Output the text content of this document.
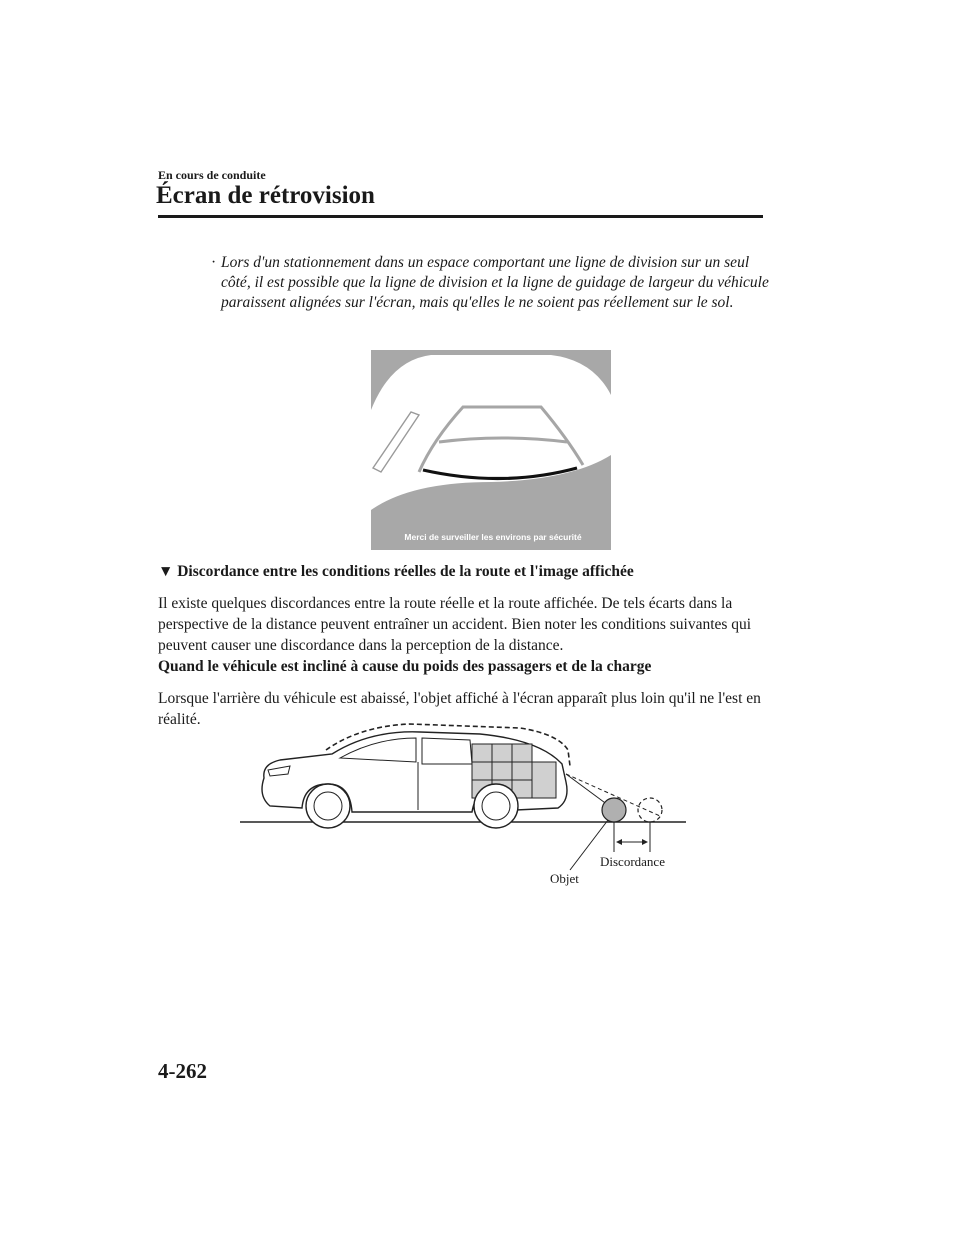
En cours de conduite

Écran de rétrovision
· Lors d'un stationnement dans un espace comportant une ligne de division sur un seul côté, il est possible que la ligne de division et la ligne de guidage de largeur du véhicule paraissent alignées sur l'écran, mais qu'elles le ne soient pas réellement sur le sol.

Merci de surveiller les environs par sécurité
▼ Discordance entre les conditions réelles de la route et l'image affichée

Il existe quelques discordances entre la route réelle et la route affichée. De tels écarts dans la perspective de la distance peuvent entraîner un accident. Bien noter les conditions suivantes qui peuvent causer une discordance dans la perception de la distance.

Quand le véhicule est incliné à cause du poids des passagers et de la charge

Lorsque l'arrière du véhicule est abaissé, l'objet affiché à l'écran apparaît plus loin qu'il ne l'est en réalité.

Discordance
Objet

4-262
